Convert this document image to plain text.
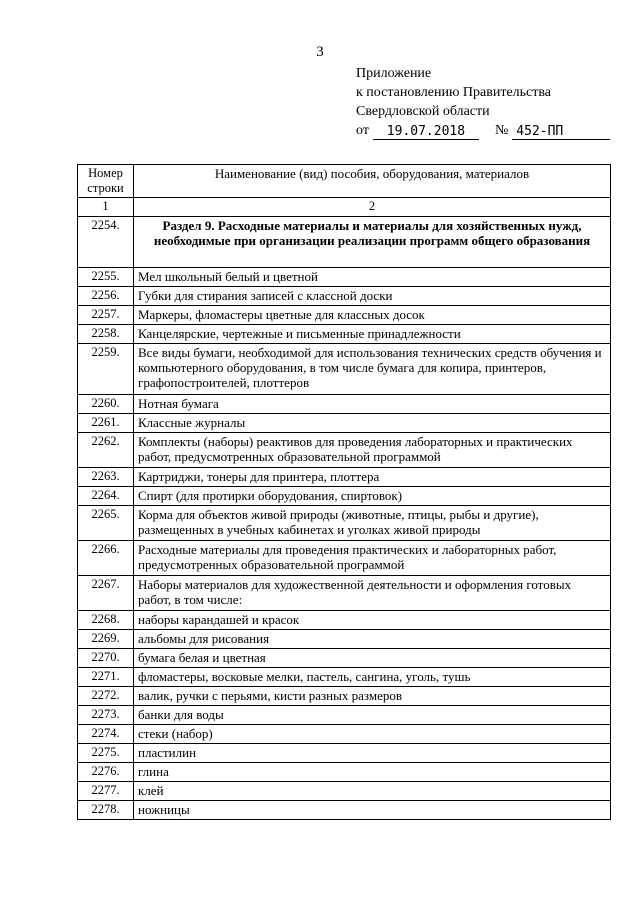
3
Приложение
к постановлению Правительства
Свердловской области
от	19.07.2018	№ 452-ПП
Номер строки	Наименование (вид) пособия, оборудования, материалов
1	2
2254.	Раздел 9. Расходные материалы и материалы для хозяйственных нужд, необходимые при организации реализации программ общего образования
2255.	Мел школьный белый и цветной
2256.	Губки для стирания записей с классной доски
2257.	Маркеры, фломастеры цветные для классных досок
2258.	Канцелярские, чертежные и письменные принадлежности
2259.	Все виды бумаги, необходимой для использования технических средств обучения и компьютерного оборудования, в том числе бумага для копира, принтеров, графопостроителей, плоттеров
2260.	Нотная бумага
2261.	Классные журналы
2262.	Комплекты (наборы) реактивов для проведения лабораторных и практических работ, предусмотренных образовательной программой
2263.	Картриджи, тонеры для принтера, плоттера
2264.	Спирт (для протирки оборудования, спиртовок)
2265.	Корма для объектов живой природы (животные, птицы, рыбы и другие), размещенных в учебных кабинетах и уголках живой природы
2266.	Расходные материалы для проведения практических и лабораторных работ, предусмотренных образовательной программой
2267.	Наборы материалов для художественной деятельности и оформления готовых работ, в том числе:
2268.	наборы карандашей и красок
2269.	альбомы для рисования
2270.	бумага белая и цветная
2271.	фломастеры, восковые мелки, пастель, сангина, уголь, тушь
2272.	валик, ручки с перьями, кисти разных размеров
2273.	банки для воды
2274.	стеки (набор)
2275.	пластилин
2276.	глина
2277.	клей
2278.	ножницы
